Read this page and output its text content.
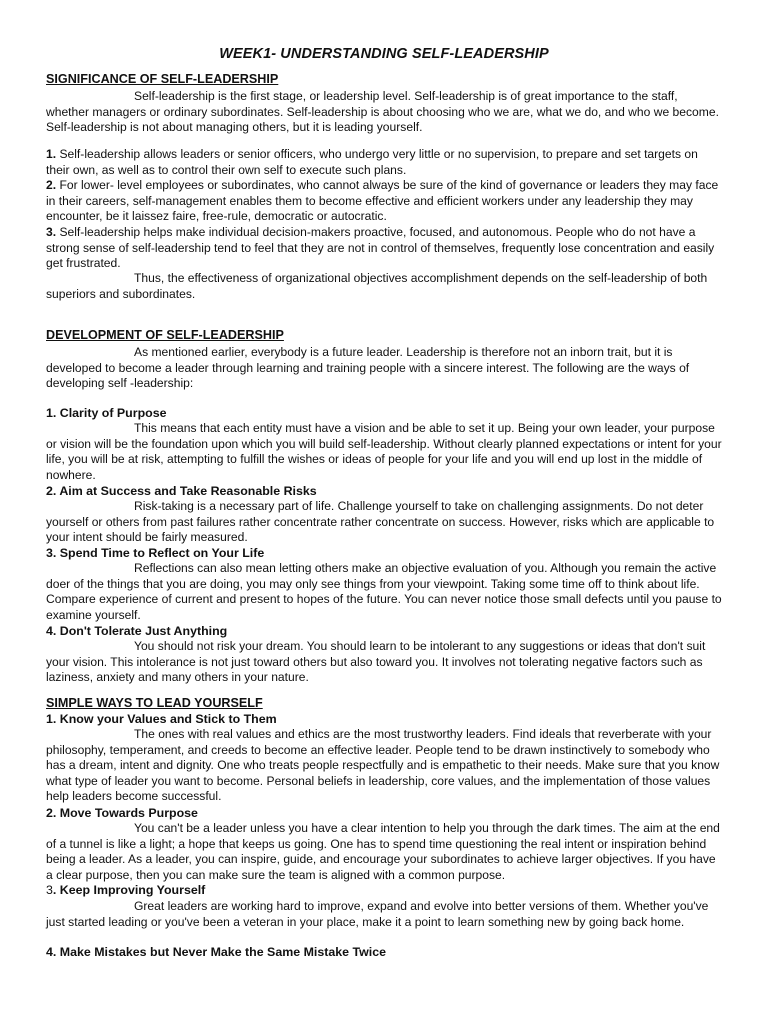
WEEK1- UNDERSTANDING SELF-LEADERSHIP
SIGNIFICANCE OF SELF-LEADERSHIP

Self-leadership is the first stage, or leadership level. Self-leadership is of great importance to the staff, whether managers or ordinary subordinates. Self-leadership is about choosing who we are, what we do, and who we become. Self-leadership is not about managing others, but it is leading yourself.

1. Self-leadership allows leaders or senior officers, who undergo very little or no supervision, to prepare and set targets on their own, as well as to control their own self to execute such plans.

2. For lower- level employees or subordinates, who cannot always be sure of the kind of governance or leaders they may face in their careers, self-management enables them to become effective and efficient workers under any leadership they may encounter, be it laissez faire, free-rule, democratic or autocratic.

3. Self-leadership helps make individual decision-makers proactive, focused, and autonomous. People who do not have a strong sense of self-leadership tend to feel that they are not in control of themselves, frequently lose concentration and easily get frustrated.

Thus, the effectiveness of organizational objectives accomplishment depends on the self-leadership of both superiors and subordinates.

DEVELOPMENT OF SELF-LEADERSHIP

As mentioned earlier, everybody is a future leader. Leadership is therefore not an inborn trait, but it is developed to become a leader through learning and training people with a sincere interest. The following are the ways of developing self -leadership:

1. Clarity of Purpose

This means that each entity must have a vision and be able to set it up. Being your own leader, your purpose or vision will be the foundation upon which you will build self-leadership. Without clearly planned expectations or intent for your life, you will be at risk, attempting to fulfill the wishes or ideas of people for your life and you will end up lost in the middle of nowhere.

2. Aim at Success and Take Reasonable Risks

Risk-taking is a necessary part of life. Challenge yourself to take on challenging assignments. Do not deter yourself or others from past failures rather concentrate rather concentrate on success. However, risks which are applicable to your intent should be fairly measured.

3. Spend Time to Reflect on Your Life

Reflections can also mean letting others make an objective evaluation of you. Although you remain the active doer of the things that you are doing, you may only see things from your viewpoint. Taking some time off to think about life. Compare experience of current and present to hopes of the future. You can never notice those small defects until you pause to examine yourself.

4. Don't Tolerate Just Anything

You should not risk your dream. You should learn to be intolerant to any suggestions or ideas that don't suit your vision. This intolerance is not just toward others but also toward you. It involves not tolerating negative factors such as laziness, anxiety and many others in your nature.

SIMPLE WAYS TO LEAD YOURSELF
1. Know your Values and Stick to Them

The ones with real values and ethics are the most trustworthy leaders. Find ideals that reverberate with your philosophy, temperament, and creeds to become an effective leader. People tend to be drawn instinctively to somebody who has a dream, intent and dignity. One who treats people respectfully and is empathetic to their needs. Make sure that you know what type of leader you want to become. Personal beliefs in leadership, core values, and the implementation of those values help leaders become successful.

2. Move Towards Purpose

You can't be a leader unless you have a clear intention to help you through the dark times. The aim at the end of a tunnel is like a light; a hope that keeps us going. One has to spend time questioning the real intent or inspiration behind being a leader. As a leader, you can inspire, guide, and encourage your subordinates to achieve larger objectives. If you have a clear purpose, then you can make sure the team is aligned with a common purpose.

3. Keep Improving Yourself

Great leaders are working hard to improve, expand and evolve into better versions of them. Whether you've just started leading or you've been a veteran in your place, make it a point to learn something new by going back home.

4. Make Mistakes but Never Make the Same Mistake Twice
